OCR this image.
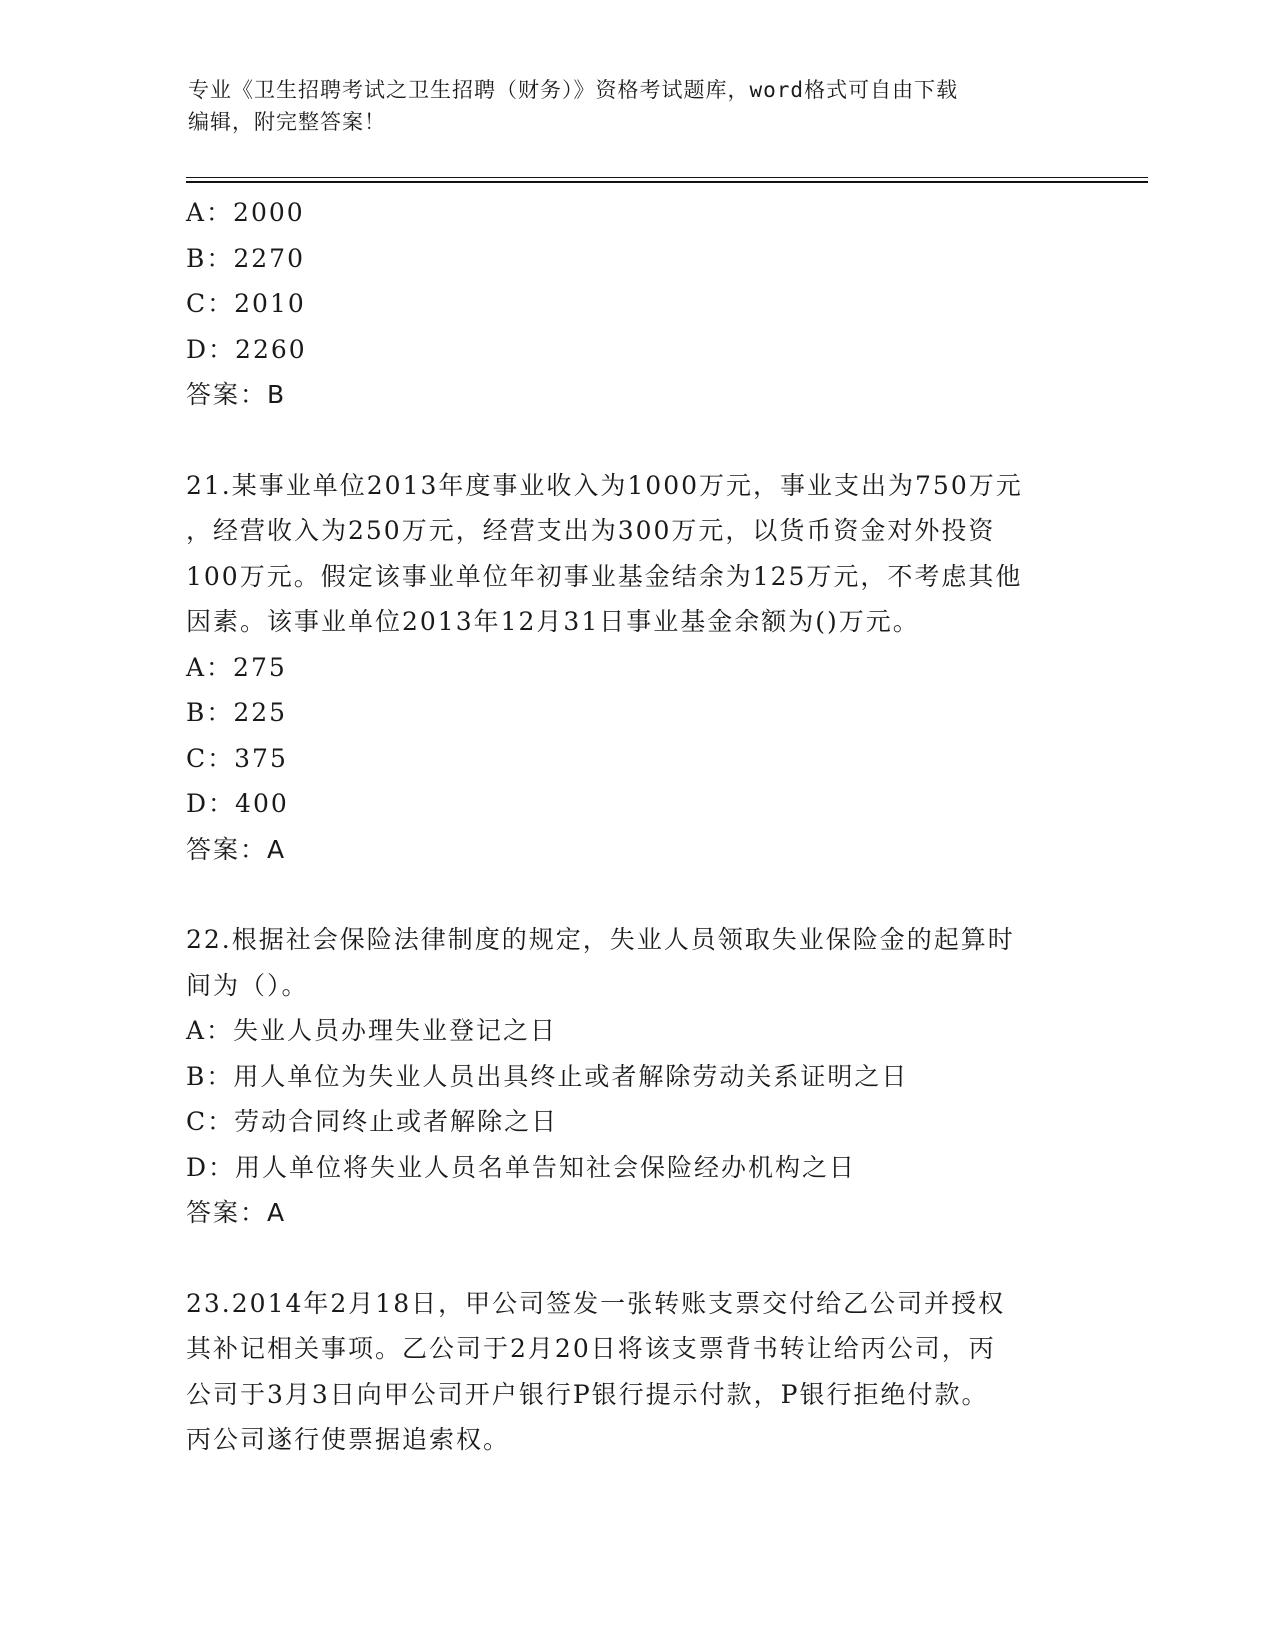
专业《卫生招聘考试之卫生招聘（财务）》资格考试题库，word格式可自由下载
编辑，附完整答案！
A：2000
B：2270
C：2010
D：2260
答案：B
21.某事业单位2013年度事业收入为1000万元，事业支出为750万元
，经营收入为250万元，经营支出为300万元，以货币资金对外投资
100万元。假定该事业单位年初事业基金结余为125万元，不考虑其他
因素。该事业单位2013年12月31日事业基金余额为()万元。
A：275
B：225
C：375
D：400
答案：A
22.根据社会保险法律制度的规定，失业人员领取失业保险金的起算时
间为（）。
A：失业人员办理失业登记之日
B：用人单位为失业人员出具终止或者解除劳动关系证明之日
C：劳动合同终止或者解除之日
D：用人单位将失业人员名单告知社会保险经办机构之日
答案：A
23.2014年2月18日，甲公司签发一张转账支票交付给乙公司并授权
其补记相关事项。乙公司于2月20日将该支票背书转让给丙公司，丙
公司于3月3日向甲公司开户银行P银行提示付款，P银行拒绝付款。
丙公司遂行使票据追索权。
